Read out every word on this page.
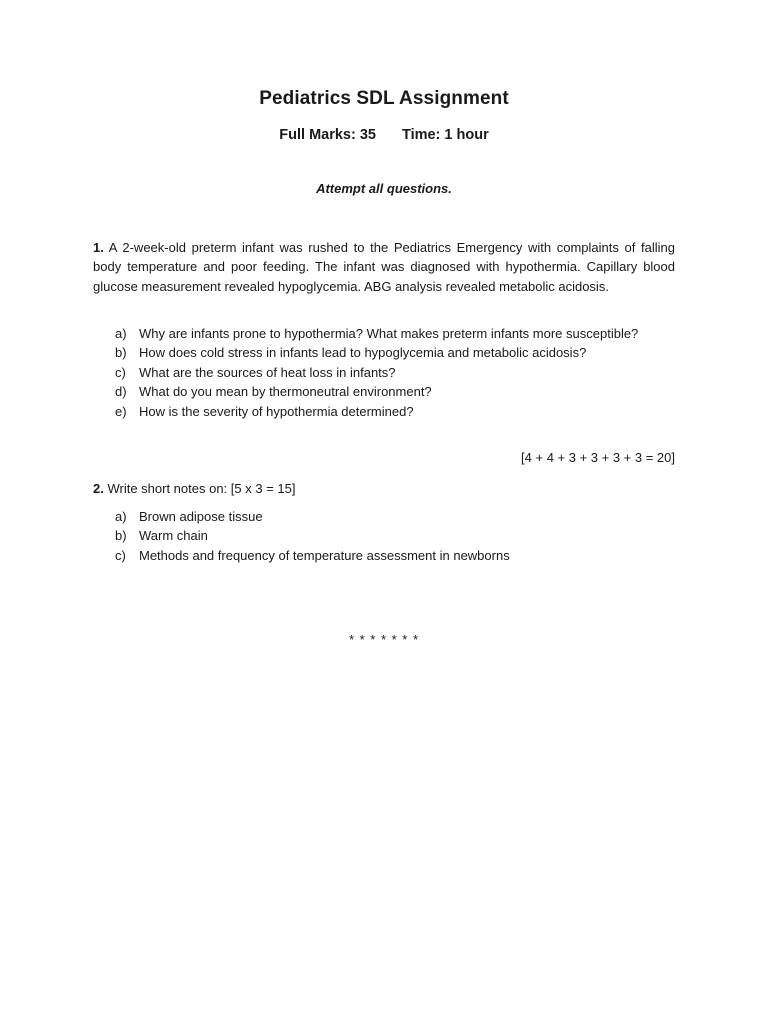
Pediatrics SDL Assignment
Full Marks: 35 Time: 1 hour
Attempt all questions.
1. A 2-week-old preterm infant was rushed to the Pediatrics Emergency with complaints of falling body temperature and poor feeding. The infant was diagnosed with hypothermia. Capillary blood glucose measurement revealed hypoglycemia. ABG analysis revealed metabolic acidosis.
a) Why are infants prone to hypothermia? What makes preterm infants more susceptible?
b) How does cold stress in infants lead to hypoglycemia and metabolic acidosis?
c) What are the sources of heat loss in infants?
d) What do you mean by thermoneutral environment?
e) How is the severity of hypothermia determined?
[4 + 4 + 3 + 3 + 3 + 3 = 20]
2. Write short notes on: [5 x 3 = 15]
a) Brown adipose tissue
b) Warm chain
c) Methods and frequency of temperature assessment in newborns
* * * * * * *
